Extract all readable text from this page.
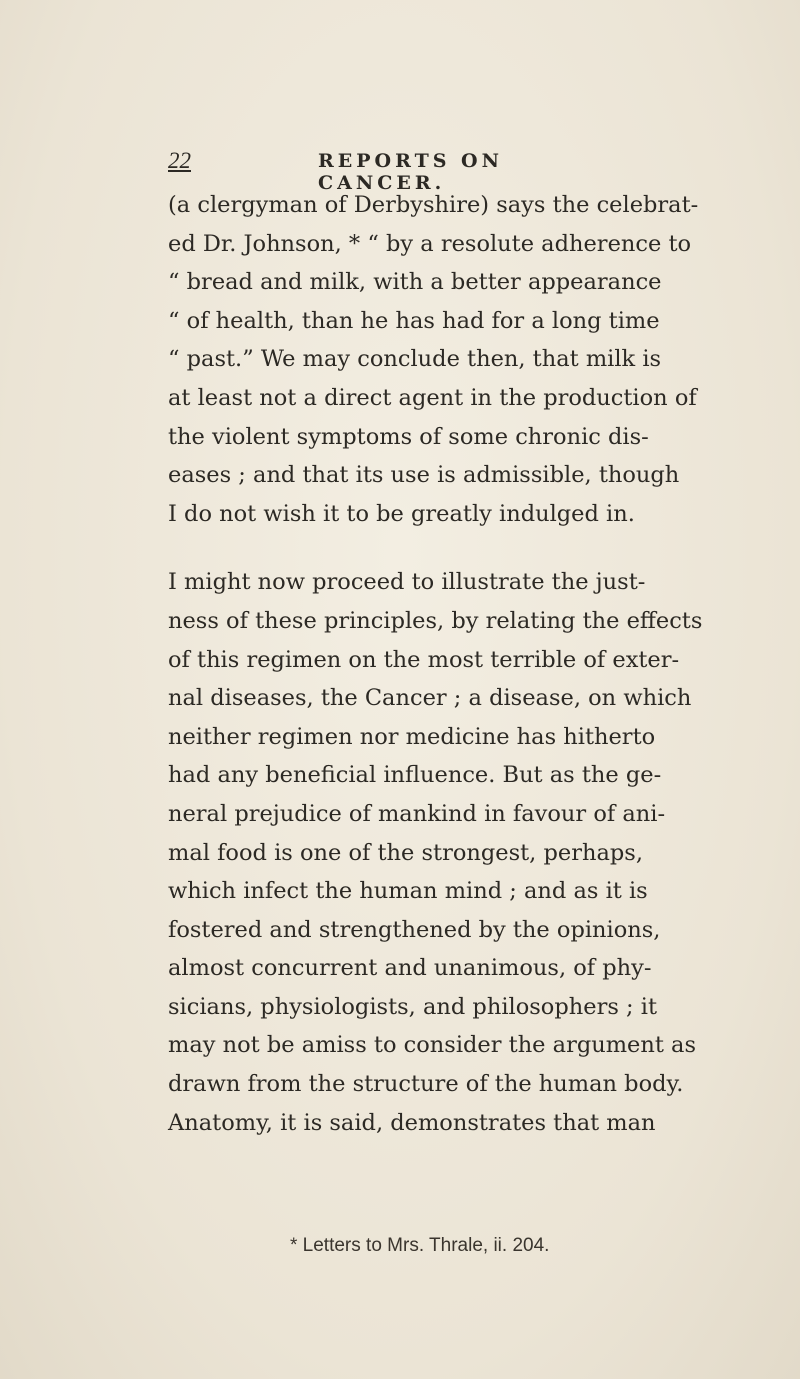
22	REPORTS ON CANCER.
(a clergyman of Derbyshire) says the celebrat-
ed Dr. Johnson, * “ by a resolute adherence to
“ bread and milk, with a better appearance
“ of health, than he has had for a long time
“ past.” We may conclude then, that milk is
at least not a direct agent in the production of
the violent symptoms of some chronic dis-
eases ; and that its use is admissible, though
I do not wish it to be greatly indulged in.
I might now proceed to illustrate the just-
ness of these principles, by relating the effects
of this regimen on the most terrible of exter-
nal diseases, the Cancer ; a disease, on which
neither regimen nor medicine has hitherto
had any beneficial influence. But as the ge-
neral prejudice of mankind in favour of ani-
mal food is one of the strongest, perhaps,
which infect the human mind ; and as it is
fostered and strengthened by the opinions,
almost concurrent and unanimous, of phy-
sicians, physiologists, and philosophers ; it
may not be amiss to consider the argument as
drawn from the structure of the human body.
Anatomy, it is said, demonstrates that man
* Letters to Mrs. Thrale, ii. 204.
